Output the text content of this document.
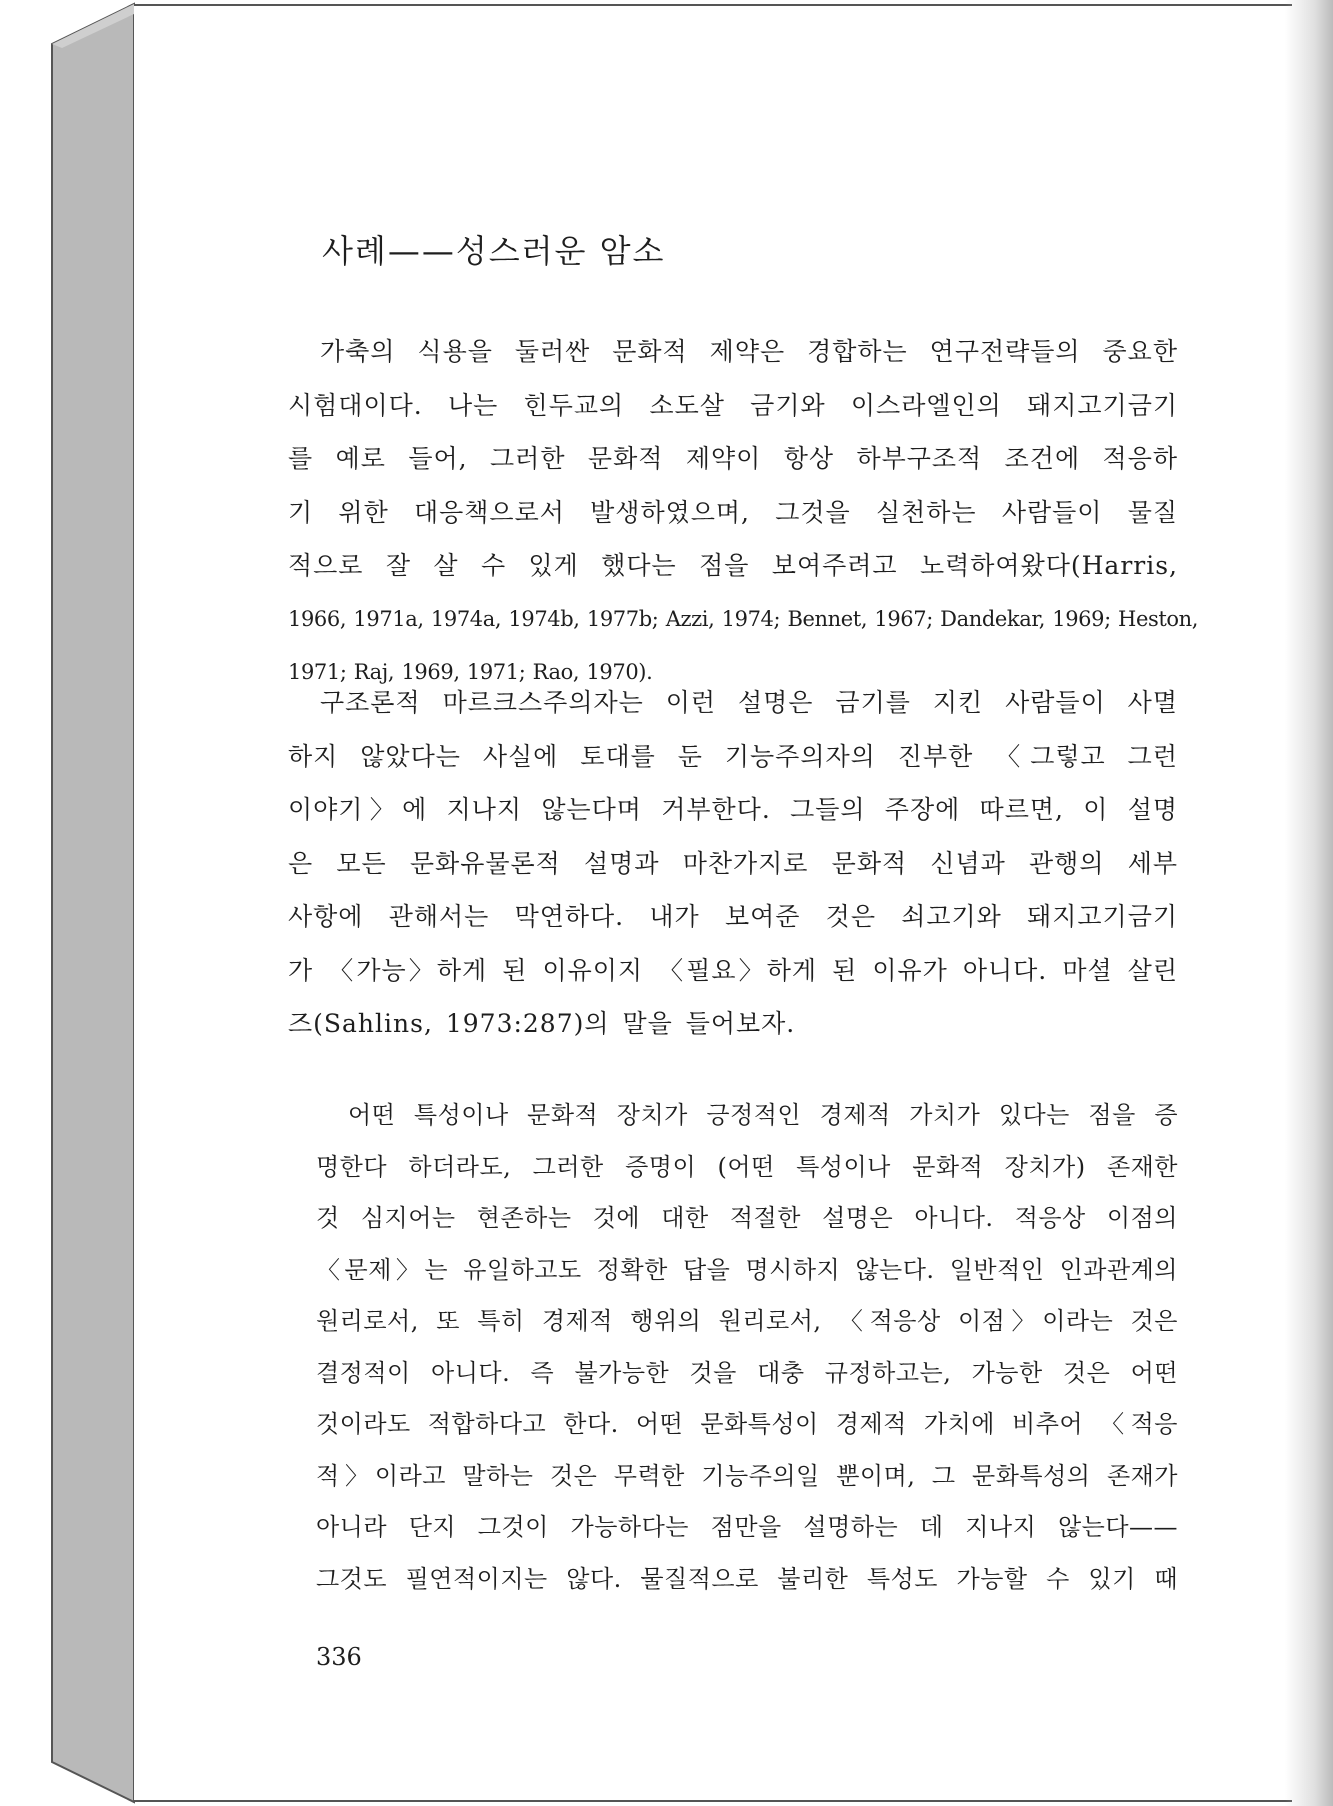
사례——성스러운 암소

가축의 식용을 둘러싼 문화적 제약은 경합하는 연구전략들의 중요한
시험대이다. 나는 힌두교의 소도살 금기와 이스라엘인의 돼지고기금기
를 예로 들어, 그러한 문화적 제약이 항상 하부구조적 조건에 적응하
기 위한 대응책으로서 발생하였으며, 그것을 실천하는 사람들이 물질
적으로 잘 살 수 있게 했다는 점을 보여주려고 노력하여왔다(Harris,
1966, 1971a, 1974a, 1974b, 1977b; Azzi, 1974; Bennet, 1967; Dandekar, 1969; Heston,
1971; Raj, 1969, 1971; Rao, 1970).

구조론적 마르크스주의자는 이런 설명은 금기를 지킨 사람들이 사멸
하지 않았다는 사실에 토대를 둔 기능주의자의 진부한 〈그렇고 그런
이야기〉에 지나지 않는다며 거부한다. 그들의 주장에 따르면, 이 설명
은 모든 문화유물론적 설명과 마찬가지로 문화적 신념과 관행의 세부
사항에 관해서는 막연하다. 내가 보여준 것은 쇠고기와 돼지고기금기
가 〈가능〉하게 된 이유이지 〈필요〉하게 된 이유가 아니다. 마셜 살린
즈(Sahlins, 1973:287)의 말을 들어보자.

어떤 특성이나 문화적 장치가 긍정적인 경제적 가치가 있다는 점을 증
명한다 하더라도, 그러한 증명이 (어떤 특성이나 문화적 장치가) 존재한
것 심지어는 현존하는 것에 대한 적절한 설명은 아니다. 적응상 이점의
〈문제〉는 유일하고도 정확한 답을 명시하지 않는다. 일반적인 인과관계의
원리로서, 또 특히 경제적 행위의 원리로서, 〈적응상 이점〉이라는 것은
결정적이 아니다. 즉 불가능한 것을 대충 규정하고는, 가능한 것은 어떤
것이라도 적합하다고 한다. 어떤 문화특성이 경제적 가치에 비추어 〈적응
적〉이라고 말하는 것은 무력한 기능주의일 뿐이며, 그 문화특성의 존재가
아니라 단지 그것이 가능하다는 점만을 설명하는 데 지나지 않는다——
그것도 필연적이지는 않다. 물질적으로 불리한 특성도 가능할 수 있기 때

336
